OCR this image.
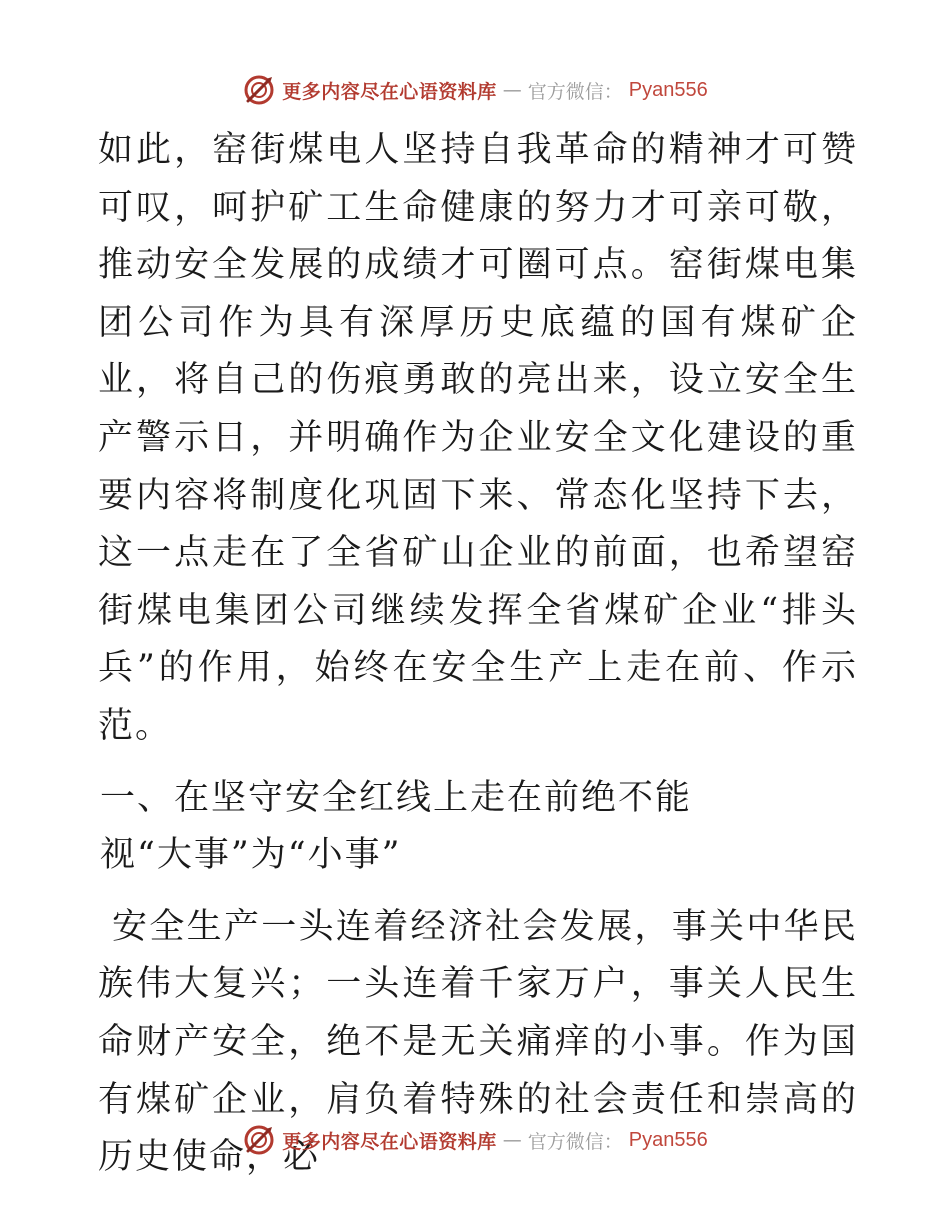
更多内容尽在心语资料库 — 官方微信： Pyan556

如此，窑街煤电人坚持自我革命的精神才可赞可叹，呵护矿工生命健康的努力才可亲可敬，推动安全发展的成绩才可圈可点。窑街煤电集团公司作为具有深厚历史底蕴的国有煤矿企业，将自己的伤痕勇敢的亮出来，设立安全生产警示日，并明确作为企业安全文化建设的重要内容将制度化巩固下来、常态化坚持下去，这一点走在了全省矿山企业的前面，也希望窑街煤电集团公司继续发挥全省煤矿企业“排头兵”的作用，始终在安全生产上走在前、作示范。

一、在坚守安全红线上走在前绝不能视“大事”为“小事”

安全生产一头连着经济社会发展，事关中华民族伟大复兴；一头连着千家万户，事关人民生命财产安全，绝不是无关痛痒的小事。作为国有煤矿企业，肩负着特殊的社会责任和崇高的历史使命，必

更多内容尽在心语资料库 — 官方微信： Pyan556
